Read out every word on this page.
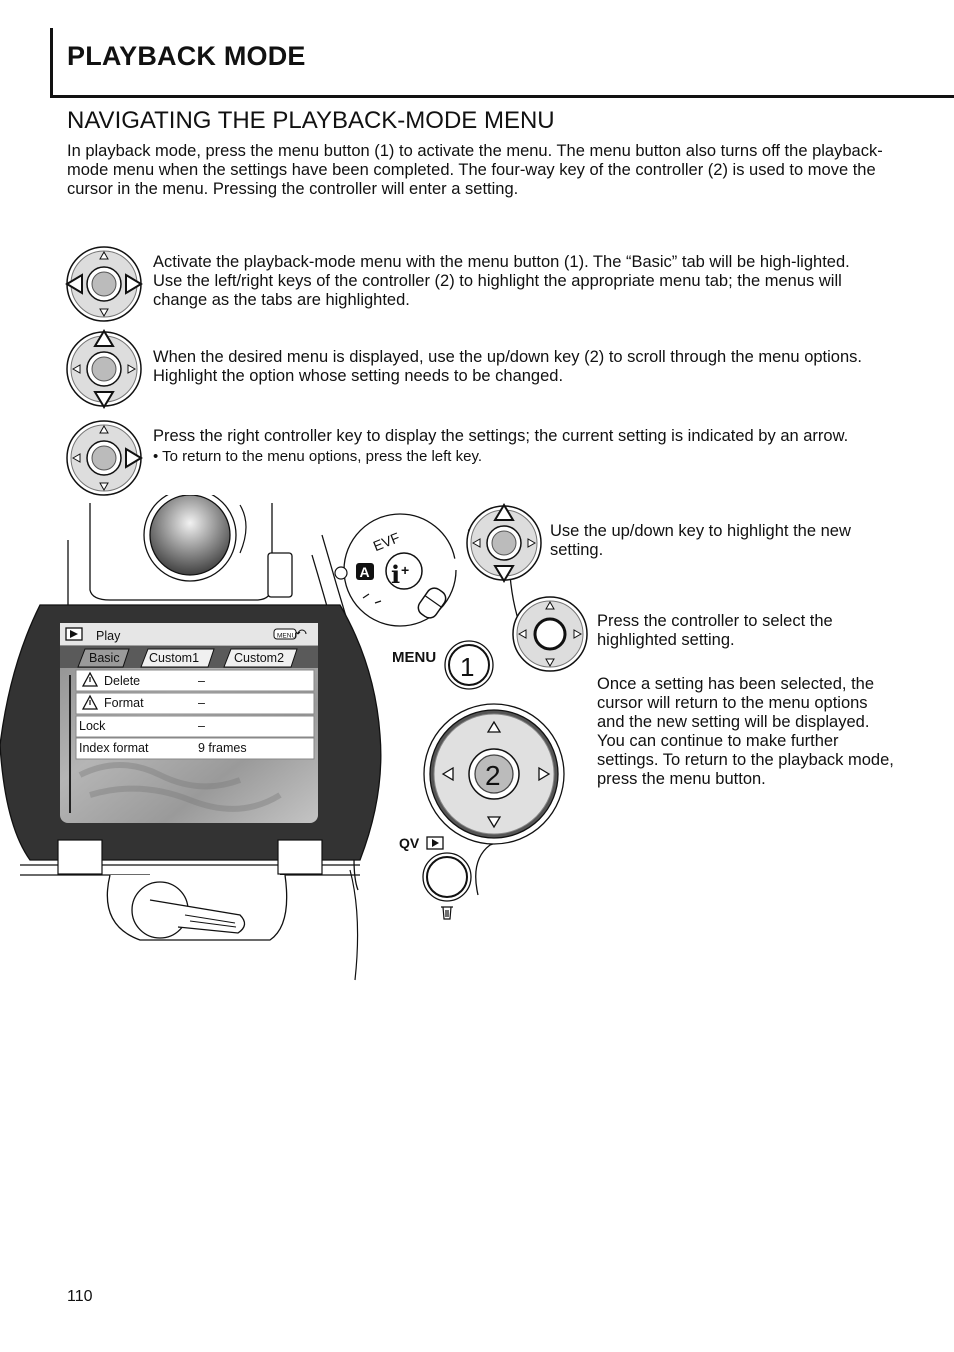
PLAYBACK MODE
NAVIGATING THE PLAYBACK-MODE MENU
In playback mode, press the menu button (1) to activate the menu. The menu button also turns off the playback-mode menu when the settings have been completed. The four-way key of the controller (2) is used to move the cursor in the menu. Pressing the controller will enter a setting.
Activate the playback-mode menu with the menu button (1). The “Basic” tab will be high-lighted. Use the left/right keys of the controller (2) to highlight the appropriate menu tab; the menus will change as the tabs are highlighted.
When the desired menu is displayed, use the up/down key (2) to scroll through the menu options. Highlight the option whose setting needs to be changed.
Press the right controller key to display the settings; the current setting is indicated by an arrow.
• To return to the menu options, press the left key.
MENU
A i +
EVF
MENU 1
2
QV
Play
Basic Custom1	Custom2
Delete	–
Format	–
Lock	–
Index format	9 frames
Use the up/down key to highlight the new setting.
Press the controller to select the highlighted setting.
Once a setting has been selected, the cursor will return to the menu options and the new setting will be displayed. You can continue to make further settings. To return to the playback mode, press the menu button.
110
